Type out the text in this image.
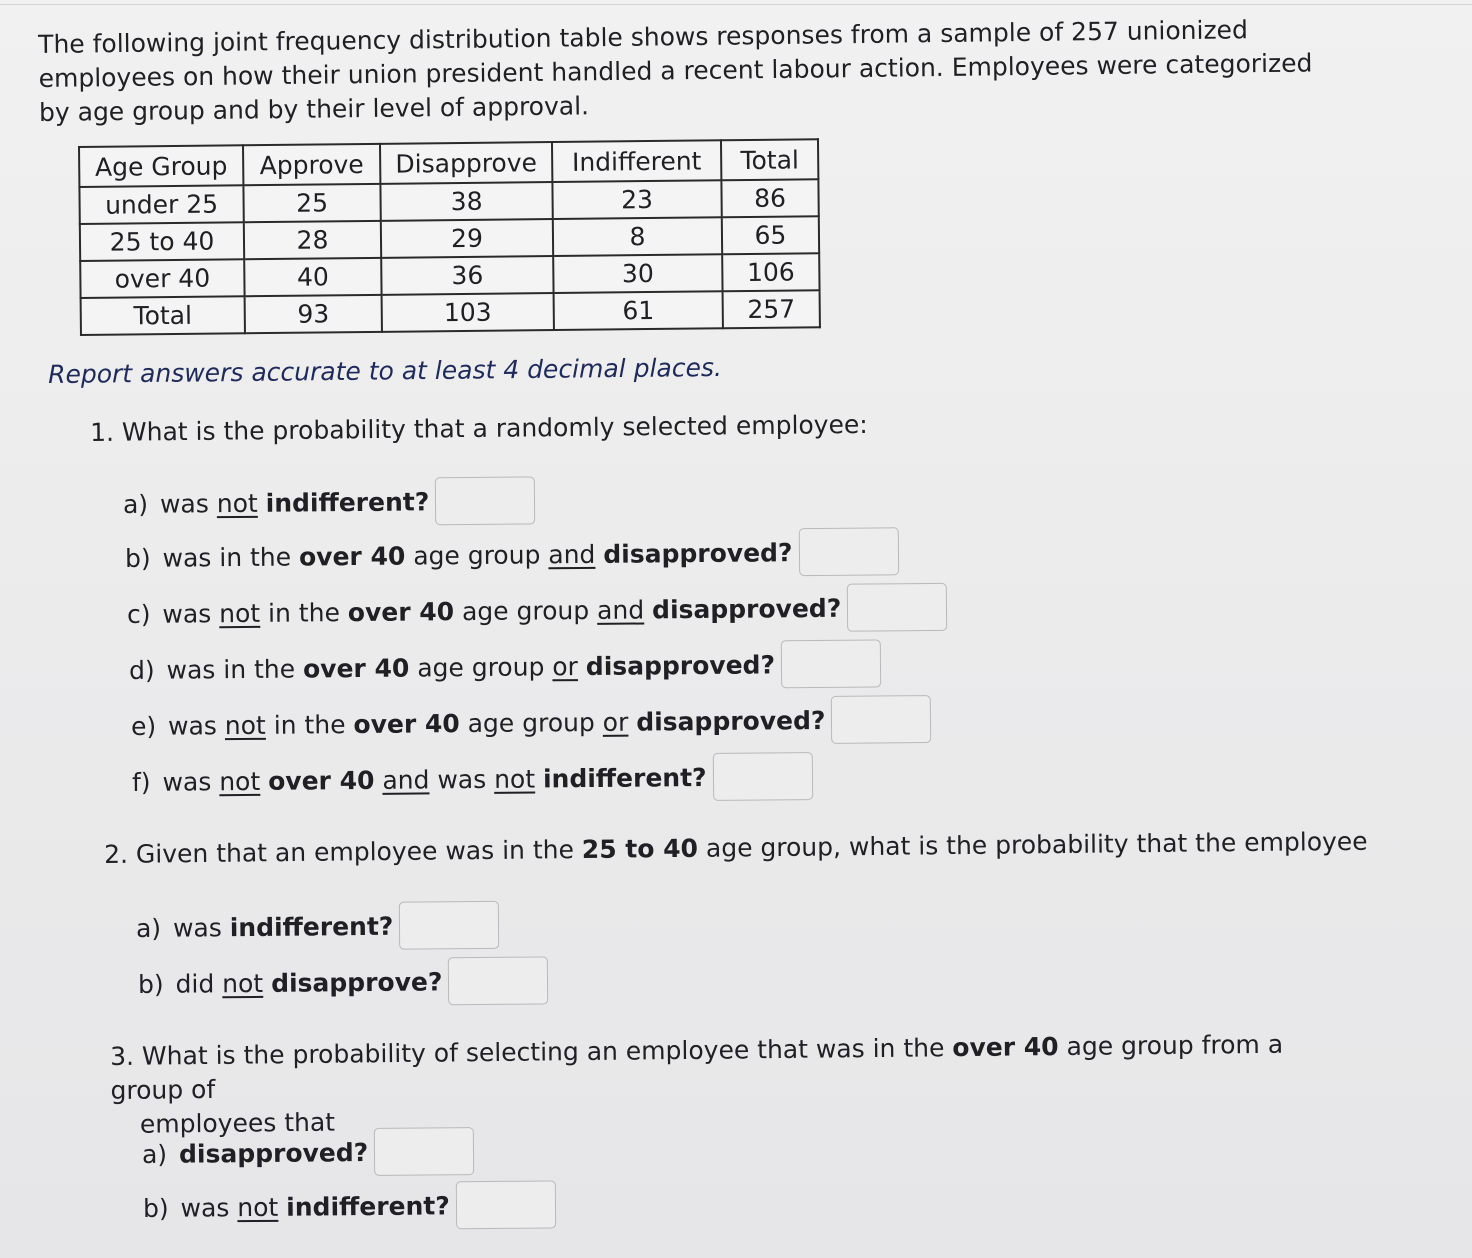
The following joint frequency distribution table shows responses from a sample of 257 unionized employees on how their union president handled a recent labour action. Employees were categorized by age group and by their level of approval.

Age Group	Approve	Disapprove	Indifferent	Total
under 25	25	38	23	86
25 to 40	28	29	8	65
over 40	40	36	30	106
Total	93	103	61	257

Report answers accurate to at least 4 decimal places.

1. What is the probability that a randomly selected employee:

a)
was
not
indifferent?
b)
was in the
over 40
age group
and
disapproved?
c)
was
not
in the
over 40
age group
and
disapproved?
d)
was in the
over 40
age group
or
disapproved?
e)
was
not
in the
over 40
age group
or
disapproved?
f)
was
not
over 40
and
was
not
indifferent?

2. Given that an employee was in the 25 to 40 age group, what is the probability that the employee

a)
was
indifferent?
b)
did
not
disapprove?

3. What is the probability of selecting an employee that was in the over 40 age group from a group of
employees that

a)
disapproved?
b)
was
not
indifferent?
